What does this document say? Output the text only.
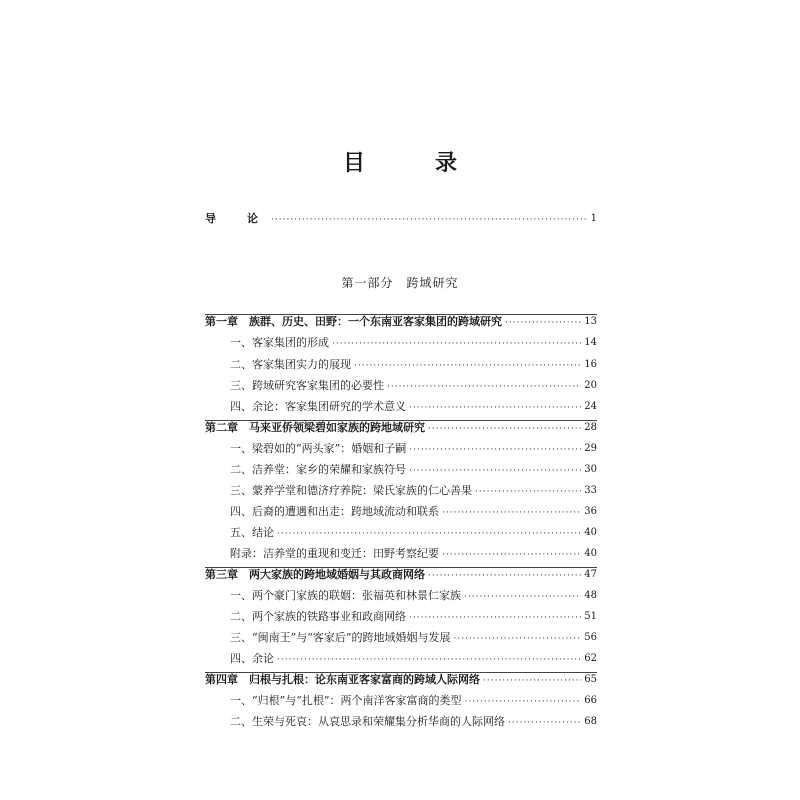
目　录
导　论 ·····	1
第一部分　跨域研究
第一章　族群、历史、田野：一个东南亚客家集团的跨域研究 ·····	13
一、客家集团的形成 ·····	14
二、客家集团实力的展现 ·····	16
三、跨域研究客家集团的必要性 ·····	20
四、余论：客家集团研究的学术意义 ·····	24
第二章　马来亚侨领梁碧如家族的跨地域研究 ·····	28
一、梁碧如的“两头家”：婚姻和子嗣 ·····	29
二、洁养堂：家乡的荣耀和家族符号 ·····	30
三、蒙养学堂和德济疗养院：梁氏家族的仁心善果 ·····	33
四、后裔的遭遇和出走：跨地域流动和联系 ·····	36
五、结论 ·····	40
附录：洁养堂的重现和变迁：田野考察纪要 ·····	40
第三章　两大家族的跨地域婚姻与其政商网络 ·····	47
一、两个豪门家族的联姻：张福英和林景仁家族 ·····	48
二、两个家族的铁路事业和政商网络 ·····	51
三、“闽南王”与“客家后”的跨地域婚姻与发展 ·····	56
四、余论 ·····	62
第四章　归根与扎根：论东南亚客家富商的跨域人际网络 ·····	65
一、“归根”与“扎根”：两个南洋客家富商的类型 ·····	66
二、生荣与死哀：从哀思录和荣耀集分析华商的人际网络 ·····	68
